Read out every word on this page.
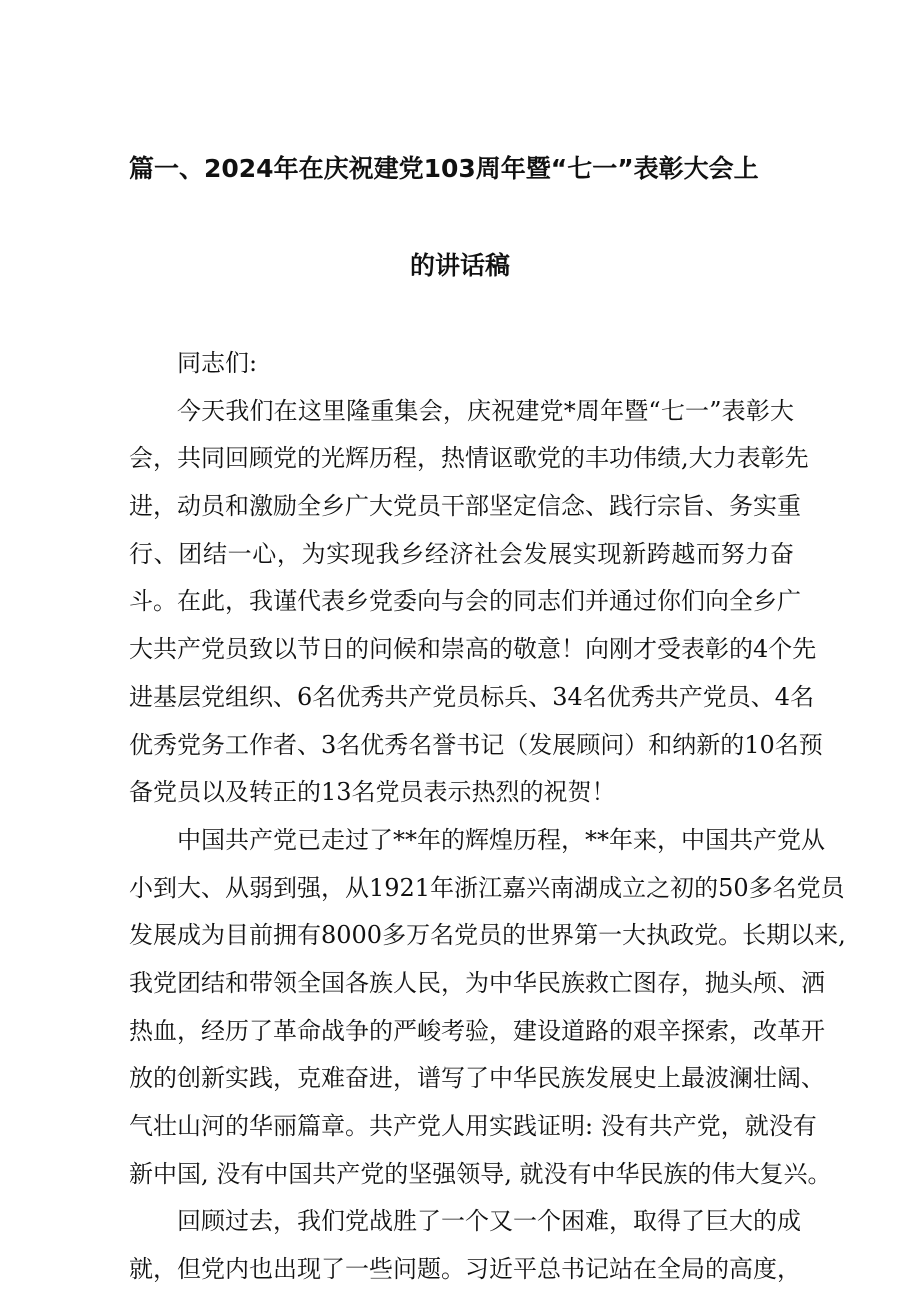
篇一、2024年在庆祝建党103周年暨“七一”表彰大会上
的讲话稿
同志们:
今天我们在这里隆重集会，庆祝建党*周年暨“七一”表彰大
会，共同回顾党的光辉历程，热情讴歌党的丰功伟绩,大力表彰先
进，动员和激励全乡广大党员干部坚定信念、践行宗旨、务实重
行、团结一心，为实现我乡经济社会发展实现新跨越而努力奋
斗。在此，我谨代表乡党委向与会的同志们并通过你们向全乡广
大共产党员致以节日的问候和崇高的敬意！向刚才受表彰的4个先
进基层党组织、6名优秀共产党员标兵、34名优秀共产党员、4名
优秀党务工作者、3名优秀名誉书记（发展顾问）和纳新的10名预
备党员以及转正的13名党员表示热烈的祝贺！
中国共产党已走过了**年的辉煌历程，**年来，中国共产党从
小到大、从弱到强，从1921年浙江嘉兴南湖成立之初的50多名党员
发展成为目前拥有8000多万名党员的世界第一大执政党。长期以来,
我党团结和带领全国各族人民，为中华民族救亡图存，抛头颅、洒
热血，经历了革命战争的严峻考验，建设道路的艰辛探索，改革开
放的创新实践，克难奋进，谱写了中华民族发展史上最波澜壮阔、
气壮山河的华丽篇章。共产党人用实践证明: 没有共产党，就没有
新中国, 没有中国共产党的坚强领导, 就没有中华民族的伟大复兴。
回顾过去，我们党战胜了一个又一个困难，取得了巨大的成
就，但党内也出现了一些问题。习近平总书记站在全局的高度，
